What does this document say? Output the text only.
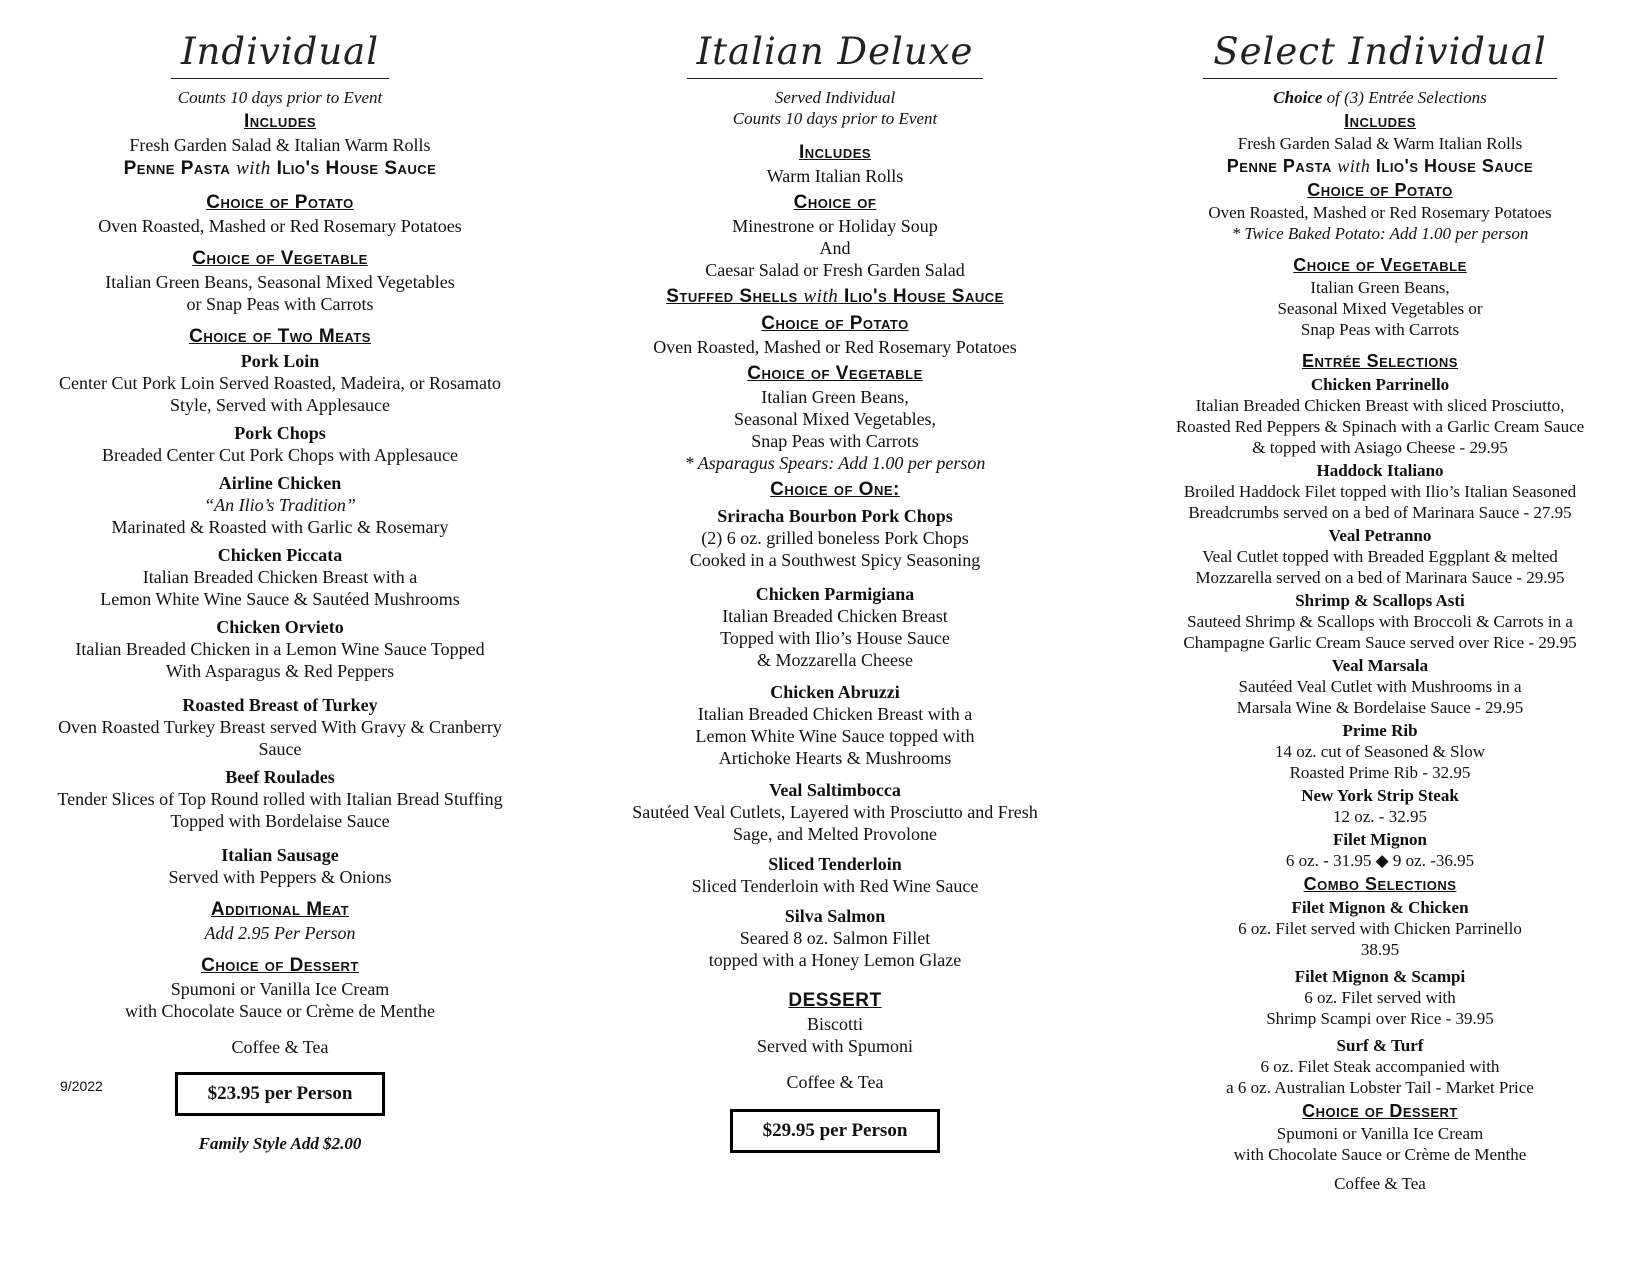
Individual

Counts 10 days prior to Event

Includes

Fresh Garden Salad & Italian Warm Rolls

Penne Pasta with Ilio's House Sauce
Choice of Potato

Oven Roasted, Mashed or Red Rosemary Potatoes

Choice of Vegetable

Italian Green Beans, Seasonal Mixed Vegetables

or Snap Peas with Carrots

Choice of Two Meats

Pork Loin

Center Cut Pork Loin Served Roasted, Madeira, or Rosamato

Style, Served with Applesauce

Pork Chops

Breaded Center Cut Pork Chops with Applesauce

Airline Chicken

“An Ilio’s Tradition”

Marinated & Roasted with Garlic & Rosemary

Chicken Piccata

Italian Breaded Chicken Breast with a

Lemon White Wine Sauce & Sautéed Mushrooms

Chicken Orvieto

Italian Breaded Chicken in a Lemon Wine Sauce Topped

With Asparagus & Red Peppers

Roasted Breast of Turkey

Oven Roasted Turkey Breast served With Gravy & Cranberry

Sauce

Beef Roulades

Tender Slices of Top Round rolled with Italian Bread Stuffing

Topped with Bordelaise Sauce

Italian Sausage

Served with Peppers & Onions

Additional Meat

Add 2.95 Per Person

Choice of Dessert

Spumoni or Vanilla Ice Cream

with Chocolate Sauce or Crème de Menthe

Coffee & Tea

$23.95 per Person
Family Style Add $2.00
9/2022
Italian Deluxe

Served Individual

Counts 10 days prior to Event

Includes

Warm Italian Rolls

Choice of

Minestrone or Holiday Soup

And

Caesar Salad or Fresh Garden Salad

Stuffed Shells with Ilio's House Sauce
Choice of Potato

Oven Roasted, Mashed or Red Rosemary Potatoes

Choice of Vegetable

Italian Green Beans,

Seasonal Mixed Vegetables,

Snap Peas with Carrots

* Asparagus Spears: Add 1.00 per person

Choice of One:

Sriracha Bourbon Pork Chops

(2) 6 oz. grilled boneless Pork Chops

Cooked in a Southwest Spicy Seasoning

Chicken Parmigiana

Italian Breaded Chicken Breast

Topped with Ilio’s House Sauce

& Mozzarella Cheese

Chicken Abruzzi

Italian Breaded Chicken Breast with a

Lemon White Wine Sauce topped with

Artichoke Hearts & Mushrooms

Veal Saltimbocca

Sautéed Veal Cutlets, Layered with Prosciutto and Fresh

Sage, and Melted Provolone

Sliced Tenderloin

Sliced Tenderloin with Red Wine Sauce

Silva Salmon

Seared 8 oz. Salmon Fillet

topped with a Honey Lemon Glaze

DESSERT

Biscotti

Served with Spumoni

Coffee & Tea

$29.95 per Person
Select Individual

Choice of (3) Entrée Selections

Includes

Fresh Garden Salad & Warm Italian Rolls

Penne Pasta with Ilio's House Sauce
Choice of Potato

Oven Roasted, Mashed or Red Rosemary Potatoes

* Twice Baked Potato: Add 1.00 per person

Choice of Vegetable

Italian Green Beans,

Seasonal Mixed Vegetables or

Snap Peas with Carrots

Entrée Selections

Chicken Parrinello

Italian Breaded Chicken Breast with sliced Prosciutto,

Roasted Red Peppers & Spinach with a Garlic Cream Sauce

& topped with Asiago Cheese - 29.95

Haddock Italiano

Broiled Haddock Filet topped with Ilio’s Italian Seasoned

Breadcrumbs served on a bed of Marinara Sauce - 27.95

Veal Petranno

Veal Cutlet topped with Breaded Eggplant & melted

Mozzarella served on a bed of Marinara Sauce - 29.95

Shrimp & Scallops Asti

Sauteed Shrimp & Scallops with Broccoli & Carrots in a

Champagne Garlic Cream Sauce served over Rice - 29.95

Veal Marsala

Sautéed Veal Cutlet with Mushrooms in a

Marsala Wine & Bordelaise Sauce - 29.95

Prime Rib

14 oz. cut of Seasoned & Slow

Roasted Prime Rib - 32.95

New York Strip Steak

12 oz. - 32.95

Filet Mignon

6 oz. - 31.95 ◆ 9 oz. -36.95

Combo Selections

Filet Mignon & Chicken

6 oz. Filet served with Chicken Parrinello

38.95

Filet Mignon & Scampi

6 oz. Filet served with

Shrimp Scampi over Rice - 39.95

Surf & Turf

6 oz. Filet Steak accompanied with

a 6 oz. Australian Lobster Tail - Market Price

Choice of Dessert

Spumoni or Vanilla Ice Cream

with Chocolate Sauce or Crème de Menthe

Coffee & Tea
